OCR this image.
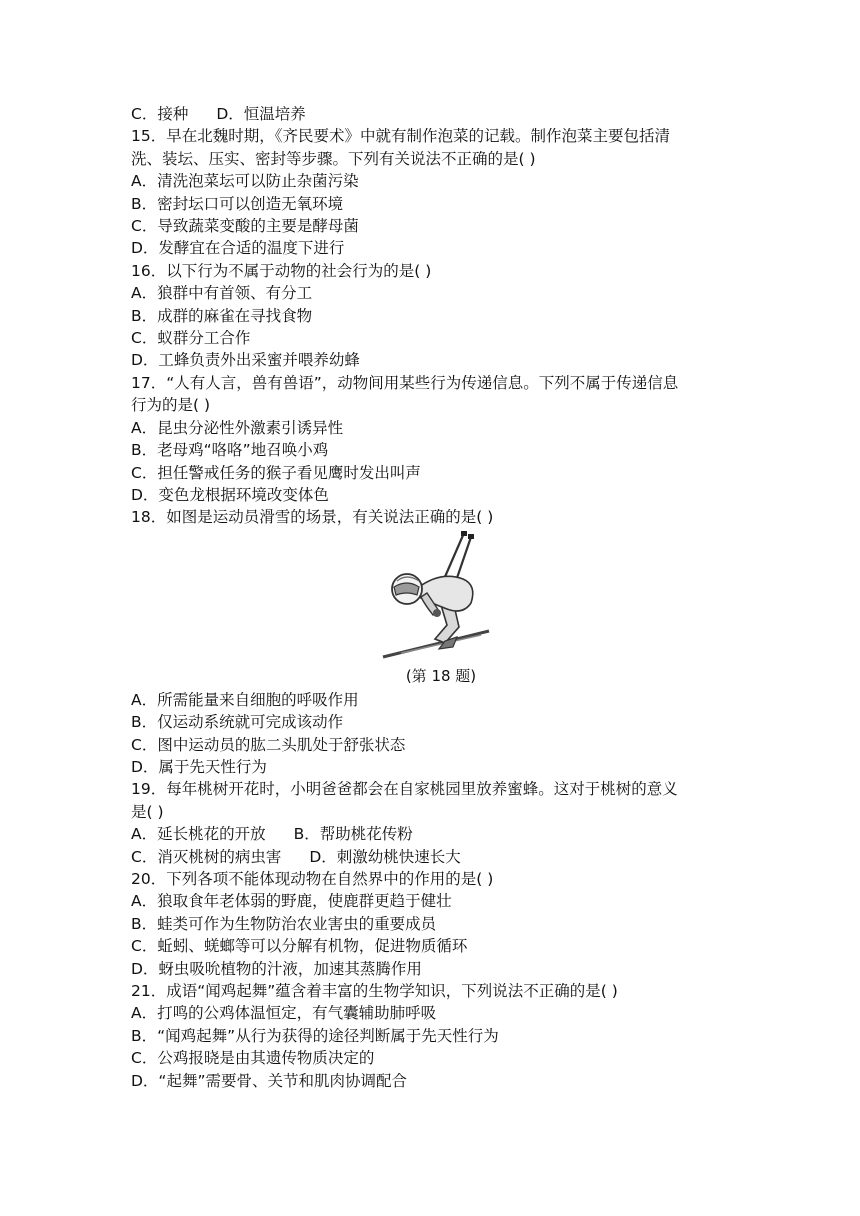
C．接种 D．恒温培养
15．早在北魏时期，《齐民要术》中就有制作泡菜的记载。制作泡菜主要包括清
洗、装坛、压实、密封等步骤。下列有关说法不正确的是( )
A．清洗泡菜坛可以防止杂菌污染
B．密封坛口可以创造无氧环境
C．导致蔬菜变酸的主要是酵母菌
D．发酵宜在合适的温度下进行
16．以下行为不属于动物的社会行为的是( )
A．狼群中有首领、有分工
B．成群的麻雀在寻找食物
C．蚁群分工合作
D．工蜂负责外出采蜜并喂养幼蜂
17．“人有人言，兽有兽语”，动物间用某些行为传递信息。下列不属于传递信息
行为的是( )
A．昆虫分泌性外激素引诱异性
B．老母鸡“咯咯”地召唤小鸡
C．担任警戒任务的猴子看见鹰时发出叫声
D．变色龙根据环境改变体色
18．如图是运动员滑雪的场景，有关说法正确的是( )
(第 18 题)
A．所需能量来自细胞的呼吸作用
B．仅运动系统就可完成该动作
C．图中运动员的肱二头肌处于舒张状态
D．属于先天性行为
19．每年桃树开花时，小明爸爸都会在自家桃园里放养蜜蜂。这对于桃树的意义
是( )
A．延长桃花的开放 B．帮助桃花传粉
C．消灭桃树的病虫害 D．刺激幼桃快速长大
20．下列各项不能体现动物在自然界中的作用的是( )
A．狼取食年老体弱的野鹿，使鹿群更趋于健壮
B．蛙类可作为生物防治农业害虫的重要成员
C．蚯蚓、蜣螂等可以分解有机物，促进物质循环
D．蚜虫吸吮植物的汁液，加速其蒸腾作用
21．成语“闻鸡起舞”蕴含着丰富的生物学知识，下列说法不正确的是( )
A．打鸣的公鸡体温恒定，有气囊辅助肺呼吸
B．“闻鸡起舞”从行为获得的途径判断属于先天性行为
C．公鸡报晓是由其遗传物质决定的
D．“起舞”需要骨、关节和肌肉协调配合
